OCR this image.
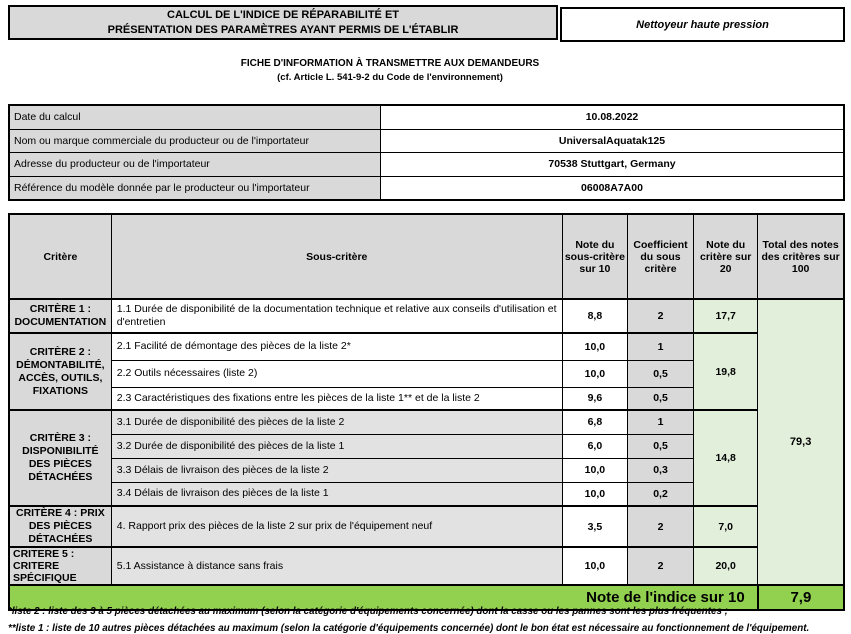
CALCUL DE L'INDICE DE RÉPARABILITÉ ET
PRÉSENTATION DES PARAMÈTRES AYANT PERMIS DE L'ÉTABLIR	Nettoyeur haute pression
FICHE D'INFORMATION À TRANSMETTRE AUX DEMANDEURS
(cf. Article L. 541-9-2 du Code de l'environnement)
Date du calcul	10.08.2022
Nom ou marque commerciale du producteur ou de l'importateur	UniversalAquatak125
Adresse du producteur ou de l'importateur	70538 Stuttgart, Germany
Référence du modèle donnée par le producteur ou l'importateur	06008A7A00
Critère	Sous-critère	Note du sous-critère sur 10	Coefficient du sous critère	Note du critère sur 20	Total des notes des critères sur 100
CRITÈRE 1 : DOCUMENTATION	1.1 Durée de disponibilité de la documentation technique et relative aux conseils d'utilisation et d'entretien	8,8	2	17,7	79,3
CRITÈRE 2 : DÉMONTABILITÉ, ACCÈS, OUTILS, FIXATIONS	2.1 Facilité de démontage des pièces de la liste 2*	10,0	1	19,8	
	2.2 Outils nécessaires (liste 2)	10,0	0,5		
	2.3 Caractéristiques des fixations entre les pièces de la liste 1** et de la liste 2	9,6	0,5		
CRITÈRE 3 : DISPONIBILITÉ DES PIÈCES DÉTACHÉES	3.1 Durée de disponibilité des pièces de la liste 2	6,8	1	14,8	
	3.2 Durée de disponibilité des pièces de la liste 1	6,0	0,5		
	3.3 Délais de livraison des pièces de la liste 2	10,0	0,3		
	3.4 Délais de livraison des pièces de la liste 1	10,0	0,2		
CRITÈRE 4 : PRIX DES PIÈCES DÉTACHÉES	4. Rapport prix des pièces de la liste 2 sur prix de l'équipement neuf	3,5	2	7,0	
CRITERE 5 : CRITERE SPÉCIFIQUE	5.1 Assistance à distance sans frais	10,0	2	20,0	
Note de l'indice sur 10					7,9
*liste 2 : liste des 3 à 5 pièces détachées au maximum (selon la catégorie d'équipements concernée) dont la casse ou les pannes sont les plus fréquentes ;
**liste 1 : liste de 10 autres pièces détachées au maximum (selon la catégorie d'équipements concernée) dont le bon état est nécessaire au fonctionnement de l'équipement.
